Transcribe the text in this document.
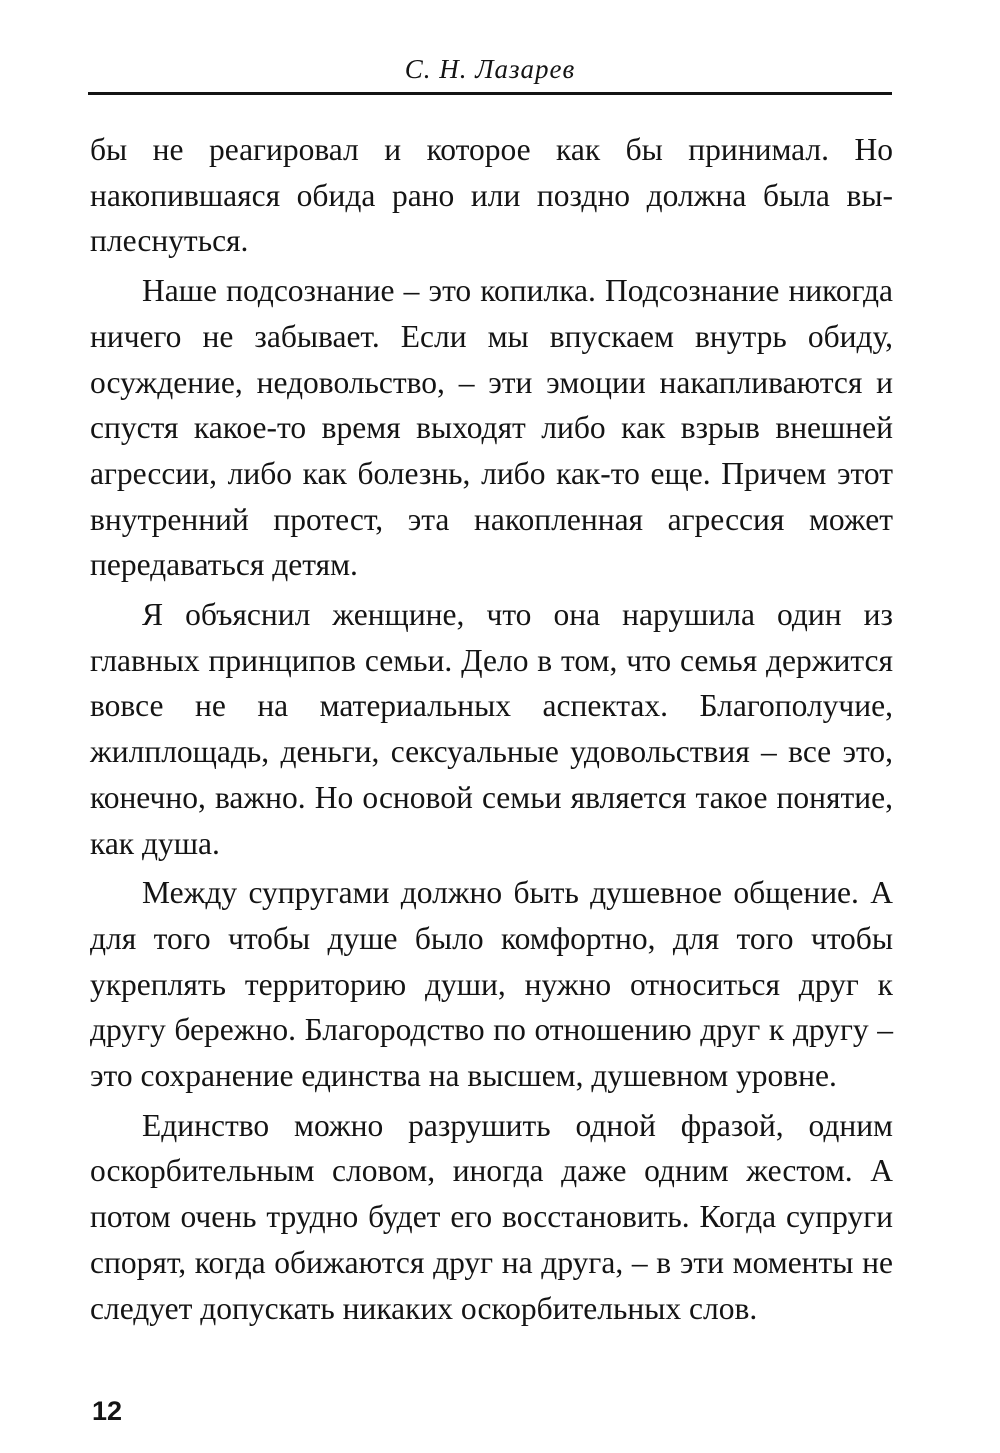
С. Н. Лазарев

бы не реагировал и которое как бы принимал. Но накопившаяся обида рано или поздно должна была выплеснуться.

Наше подсознание – это копилка. Подсознание никогда ничего не забывает. Если мы впускаем внутрь обиду, осуждение, недовольство, – эти эмоции накапливаются и спустя какое-то время выходят либо как взрыв внешней агрессии, либо как болезнь, либо как-то еще. Причем этот внутренний протест, эта накопленная агрессия может передаваться детям.

Я объяснил женщине, что она нарушила один из главных принципов семьи. Дело в том, что семья держится вовсе не на материальных аспектах. Благополучие, жилплощадь, деньги, сексуальные удовольствия – все это, конечно, важно. Но основой семьи является такое понятие, как душа.

Между супругами должно быть душевное общение. А для того чтобы душе было комфортно, для того чтобы укреплять территорию души, нужно относиться друг к другу бережно. Благородство по отношению друг к другу – это сохранение единства на высшем, душевном уровне.

Единство можно разрушить одной фразой, одним оскорбительным словом, иногда даже одним жестом. А потом очень трудно будет его восстановить. Когда супруги спорят, когда обижаются друг на друга, – в эти моменты не следует допускать никаких оскорбительных слов.

12
